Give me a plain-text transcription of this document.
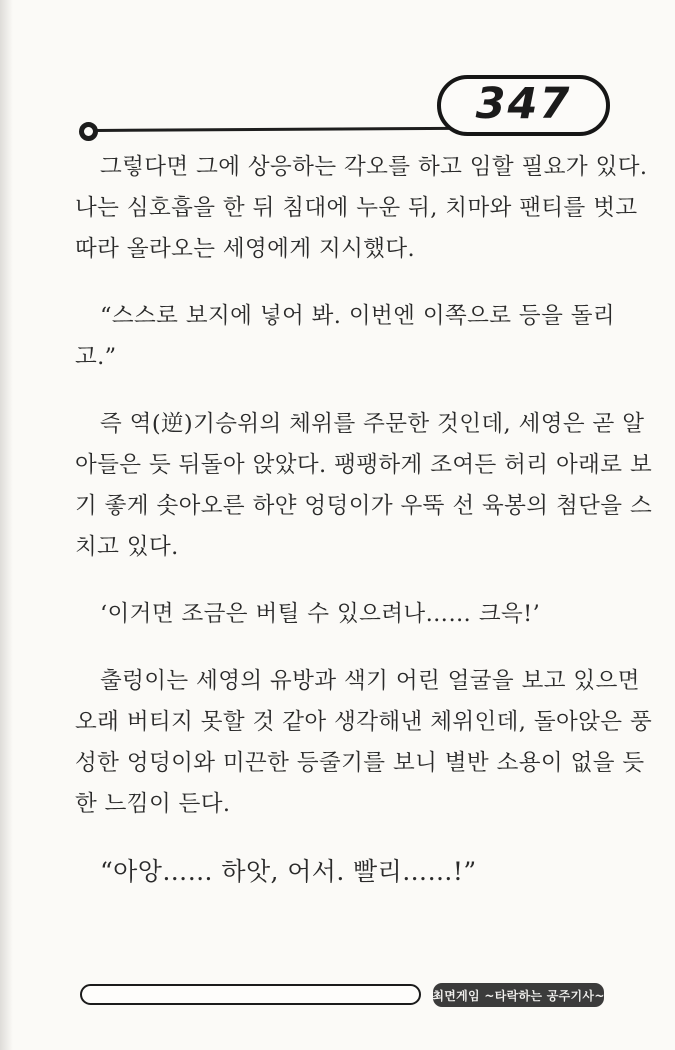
347

그렇다면 그에 상응하는 각오를 하고 임할 필요가 있다.
나는 심호흡을 한 뒤 침대에 누운 뒤, 치마와 팬티를 벗고
따라 올라오는 세영에게 지시했다.

“스스로 보지에 넣어 봐. 이번엔 이쪽으로 등을 돌리
고.”

즉 역(逆)기승위의 체위를 주문한 것인데, 세영은 곧 알
아들은 듯 뒤돌아 앉았다. 팽팽하게 조여든 허리 아래로 보
기 좋게 솟아오른 하얀 엉덩이가 우뚝 선 육봉의 첨단을 스
치고 있다.

‘이거면 조금은 버틸 수 있으려나…… 크윽!’

출렁이는 세영의 유방과 색기 어린 얼굴을 보고 있으면
오래 버티지 못할 것 같아 생각해낸 체위인데, 돌아앉은 풍
성한 엉덩이와 미끈한 등줄기를 보니 별반 소용이 없을 듯
한 느낌이 든다.

“아앙…… 하앗, 어서. 빨리……!”

최면게임 ~타락하는 공주기사~
